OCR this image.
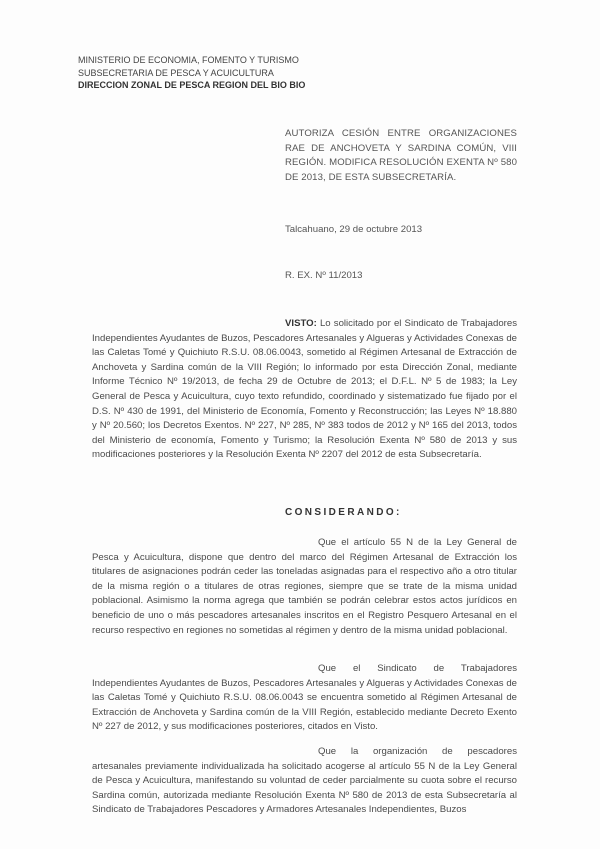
MINISTERIO DE ECONOMIA, FOMENTO Y TURISMO
SUBSECRETARIA DE PESCA Y ACUICULTURA
DIRECCION ZONAL DE PESCA REGION DEL BIO BIO
AUTORIZA CESIÓN ENTRE ORGANIZACIONES RAE DE ANCHOVETA Y SARDINA COMÚN, VIII REGIÓN. MODIFICA RESOLUCIÓN EXENTA Nº 580 DE 2013, DE ESTA SUBSECRETARÍA.
Talcahuano, 29 de octubre 2013
R. EX. Nº 11/2013

VISTO: Lo solicitado por el Sindicato de Trabajadores Independientes Ayudantes de Buzos, Pescadores Artesanales y Algueras y Actividades Conexas de las Caletas Tomé y Quichiuto R.S.U. 08.06.0043, sometido al Régimen Artesanal de Extracción de Anchoveta y Sardina común de la VIII Región; lo informado por esta Dirección Zonal, mediante Informe Técnico Nº 19/2013, de fecha 29 de Octubre de 2013; el D.F.L. Nº 5 de 1983; la Ley General de Pesca y Acuicultura, cuyo texto refundido, coordinado y sistematizado fue fijado por el D.S. Nº 430 de 1991, del Ministerio de Economía, Fomento y Reconstrucción; las Leyes Nº 18.880 y Nº 20.560; los Decretos Exentos. Nº 227, Nº 285, Nº 383 todos de 2012 y Nº 165 del 2013, todos del Ministerio de economía, Fomento y Turismo; la Resolución Exenta Nº 580 de 2013 y sus modificaciones posteriores y la Resolución Exenta Nº 2207 del 2012 de esta Subsecretaría.

CONSIDERANDO:

Que el artículo 55 N de la Ley General de Pesca y Acuicultura, dispone que dentro del marco del Régimen Artesanal de Extracción los titulares de asignaciones podrán ceder las toneladas asignadas para el respectivo año a otro titular de la misma región o a titulares de otras regiones, siempre que se trate de la misma unidad poblacional. Asimismo la norma agrega que también se podrán celebrar estos actos jurídicos en beneficio de uno o más pescadores artesanales inscritos en el Registro Pesquero Artesanal en el recurso respectivo en regiones no sometidas al régimen y dentro de la misma unidad poblacional.

Que el Sindicato de Trabajadores Independientes Ayudantes de Buzos, Pescadores Artesanales y Algueras y Actividades Conexas de las Caletas Tomé y Quichiuto R.S.U. 08.06.0043 se encuentra sometido al Régimen Artesanal de Extracción de Anchoveta y Sardina común de la VIII Región, establecido mediante Decreto Exento Nº 227 de 2012, y sus modificaciones posteriores, citados en Visto.

Que la organización de pescadores artesanales previamente individualizada ha solicitado acogerse al artículo 55 N de la Ley General de Pesca y Acuicultura, manifestando su voluntad de ceder parcialmente su cuota sobre el recurso Sardina común, autorizada mediante Resolución Exenta Nº 580 de 2013 de esta Subsecretaría al Sindicato de Trabajadores Pescadores y Armadores Artesanales Independientes, Buzos
